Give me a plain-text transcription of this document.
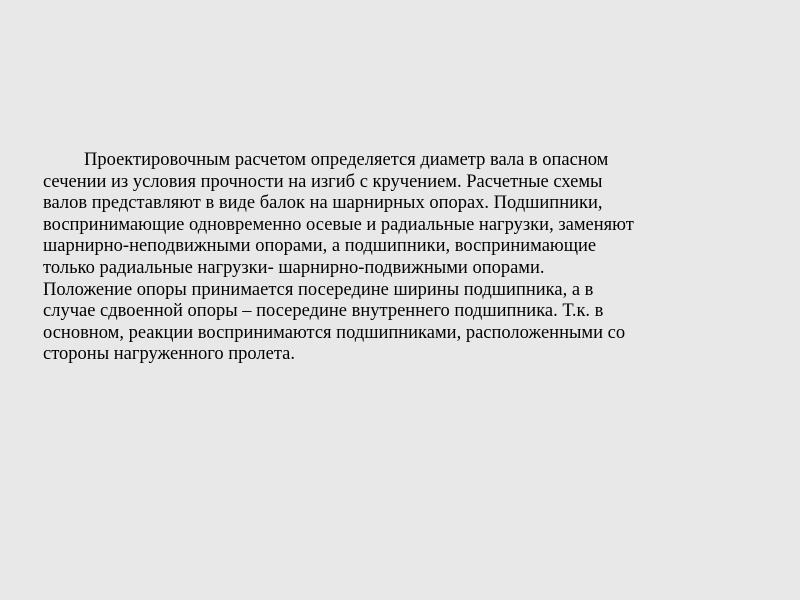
Проектировочным расчетом определяется диаметр вала в опасном
сечении из условия прочности на изгиб с кручением. Расчетные схемы
валов представляют в виде балок на шарнирных опорах. Подшипники,
воспринимающие одновременно осевые и радиальные нагрузки, заменяют
шарнирно-неподвижными опорами, а подшипники, воспринимающие
только радиальные нагрузки- шарнирно-подвижными опорами.
Положение опоры принимается посередине ширины подшипника, а в
случае сдвоенной опоры – посередине внутреннего подшипника. Т.к. в
основном, реакции воспринимаются подшипниками, расположенными со
стороны нагруженного пролета.
